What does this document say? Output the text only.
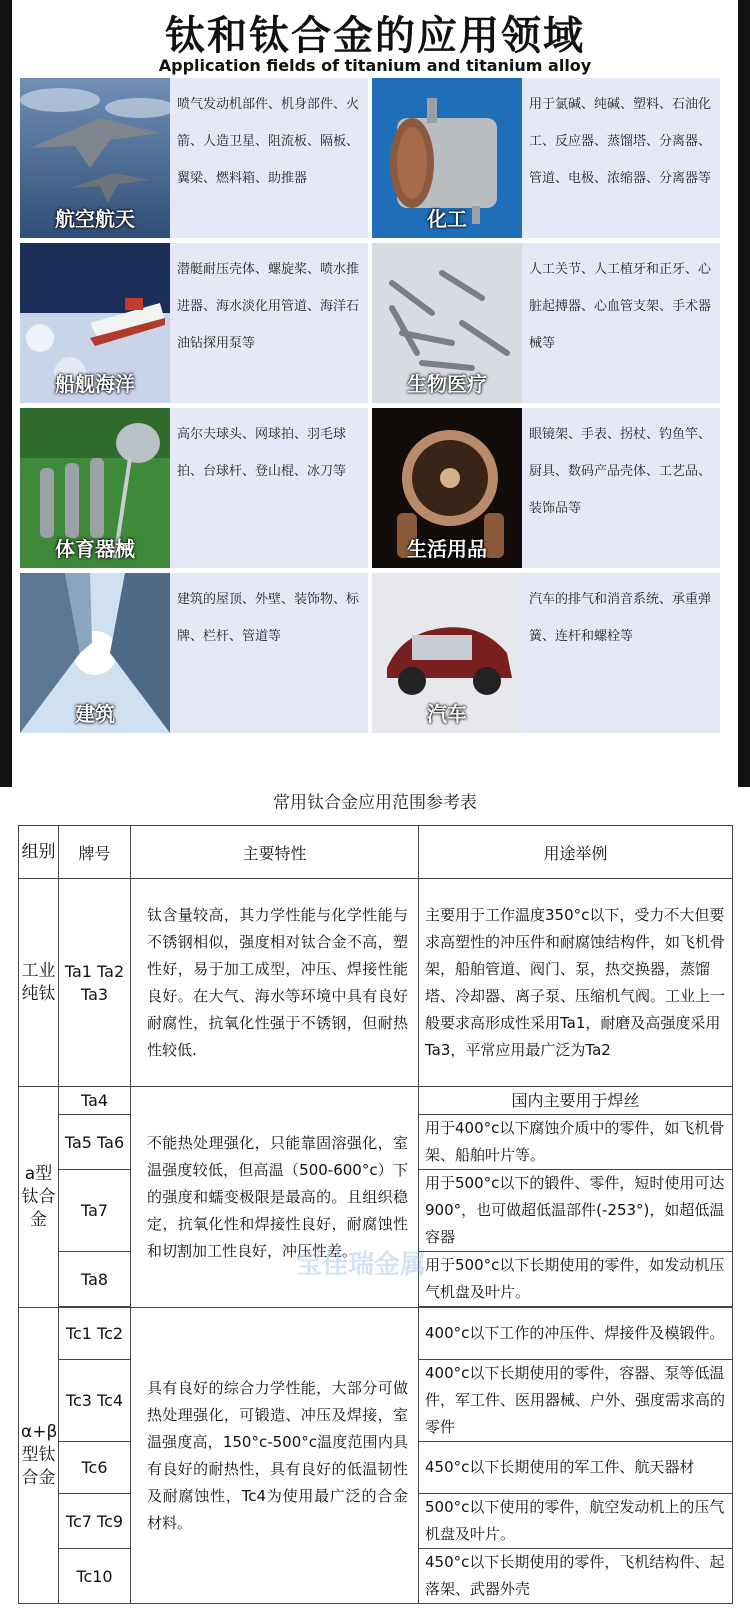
钛和钛合金的应用领域
Application fields of titanium and titanium alloy
航空航天
喷气发动机部件、机身部件、火箭、人造卫星、阻流板、隔板、翼梁、燃料箱、助推器
化工
用于氯碱、纯碱、塑料、石油化工、反应器、蒸馏塔、分离器、管道、电极、浓缩器、分离器等
船舰海洋
潜艇耐压壳体、螺旋桨、喷水推进器、海水淡化用管道、海洋石油钻探用泵等
生物医疗
人工关节、人工植牙和正牙、心脏起搏器、心血管支架、手术器械等
体育器械
高尔夫球头、网球拍、羽毛球拍、台球杆、登山棍、冰刀等
生活用品
眼镜架、手表、拐杖、钓鱼竿、厨具、数码产品壳体、工艺品、装饰品等
建筑
建筑的屋顶、外壁、装饰物、标牌、栏杆、管道等
汽车
汽车的排气和消音系统、承重弹簧、连杆和螺栓等
常用钛合金应用范围参考表
组别	牌号	主要特性	用途举例
工业纯钛	Ta1 Ta2 Ta3	钛含量较高，其力学性能与化学性能与不锈钢相似，强度相对钛合金不高，塑性好，易于加工成型，冲压、焊接性能良好。在大气、海水等环境中具有良好耐腐性，抗氧化性强于不锈钢，但耐热性较低.	主要用于工作温度350°c以下，受力不大但要求高塑性的冲压件和耐腐蚀结构件，如飞机骨架，船舶管道、阀门、泵，热交换器，蒸馏塔、冷却器、离子泵、压缩机气阀。工业上一般要求高形成性采用Ta1，耐磨及高强度采用Ta3，平常应用最广泛为Ta2
a型钛合金	Ta4	不能热处理强化，只能靠固溶强化，室温强度较低，但高温（500-600°c）下的强度和蠕变极限是最高的。且组织稳定，抗氧化性和焊接性良好，耐腐蚀性和切割加工性良好，冲压性差。	国内主要用于焊丝
	Ta5 Ta6		用于400°c以下腐蚀介质中的零件，如飞机骨架、船舶叶片等。
	Ta7		用于500°c以下的锻件、零件，短时使用可达900°，也可做超低温部件(-253°)，如超低温容器
	Ta8		用于500°c以下长期使用的零件，如发动机压气机盘及叶片。

α+β型钛合金	Tc1 Tc2	具有良好的综合力学性能，大部分可做热处理强化，可锻造、冲压及焊接，室温强度高，150°c-500°c温度范围内具有良好的耐热性，具有良好的低温韧性及耐腐蚀性，Tc4为使用最广泛的合金材料。	400°c以下工作的冲压件、焊接件及模锻件。
	Tc3 Tc4		400°c以下长期使用的零件，容器、泵等低温件，军工件、医用器械、户外、强度需求高的零件
	Tc6		450°c以下长期使用的军工件、航天器材
	Tc7 Tc9		500°c以下使用的零件，航空发动机上的压气机盘及叶片。
	Tc10		450°c以下长期使用的零件，飞机结构件、起落架、武器外壳
宝佳瑞金属
